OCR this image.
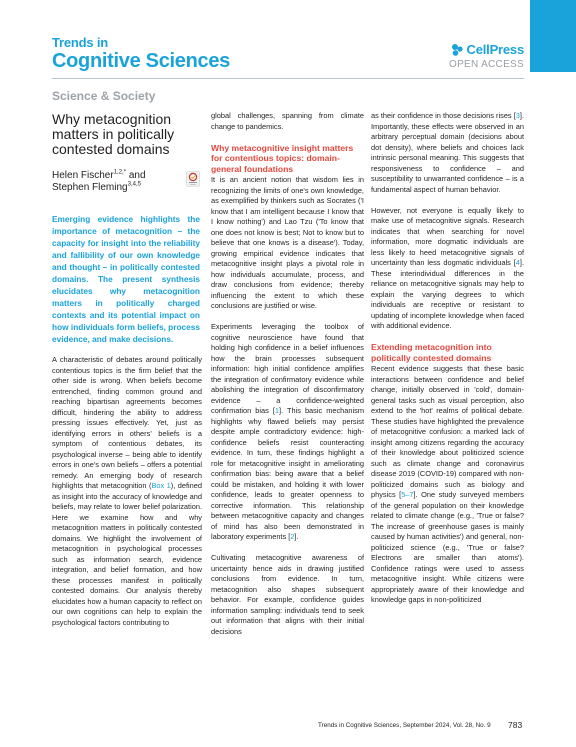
Trends in
Cognitive Sciences
CellPress
OPEN ACCESS
Science & Society
Why metacognition matters in politically contested domains
Helen Fischer$^{1,2,*}$ and
Stephen Fleming$^{3,4,5}$
Emerging evidence highlights the importance of metacognition – the capacity for insight into the reliability and fallibility of our own knowledge and thought – in politically contested domains. The present synthesis elucidates why metacognition matters in politically charged contexts and its potential impact on how individuals form beliefs, process evidence, and make decisions.

A characteristic of debates around politically contentious topics is the firm belief that the other side is wrong. When beliefs become entrenched, finding common ground and reaching bipartisan agreements becomes difficult, hindering the ability to address pressing issues effectively. Yet, just as identifying errors in others' beliefs is a symptom of contentious debates, its psychological inverse – being able to identify errors in one's own beliefs – offers a potential remedy. An emerging body of research highlights that metacognition (Box 1), defined as insight into the accuracy of knowledge and beliefs, may relate to lower belief polarization. Here we examine how and why metacognition matters in politically contested domains. We highlight the involvement of metacognition in psychological processes such as information search, evidence integration, and belief formation, and how these processes manifest in politically contested domains. Our analysis thereby elucidates how a human capacity to reflect on our own cognitions can help to explain the psychological factors contributing to

global challenges, spanning from climate change to pandemics.

Why metacognitive insight matters for contentious topics: domain-general foundations

It is an ancient notion that wisdom lies in recognizing the limits of one's own knowledge, as exemplified by thinkers such as Socrates ('I know that I am intelligent because I know that I know nothing') and Lao Tzu ('To know that one does not know is best; Not to know but to believe that one knows is a disease'). Today, growing empirical evidence indicates that metacognitive insight plays a pivotal role in how individuals accumulate, process, and draw conclusions from evidence; thereby influencing the extent to which these conclusions are justified or wise.

Experiments leveraging the toolbox of cognitive neuroscience have found that holding high confidence in a belief influences how the brain processes subsequent information: high initial confidence amplifies the integration of confirmatory evidence while abolishing the integration of disconfirmatory evidence – a confidence-weighted confirmation bias [1]. This basic mechanism highlights why flawed beliefs may persist despite ample contradictory evidence: high-confidence beliefs resist counteracting evidence. In turn, these findings highlight a role for metacognitive insight in ameliorating confirmation bias: being aware that a belief could be mistaken, and holding it with lower confidence, leads to greater openness to corrective information. This relationship between metacognitive capacity and changes of mind has also been demonstrated in laboratory experiments [2].

Cultivating metacognitive awareness of uncertainty hence aids in drawing justified conclusions from evidence. In turn, metacognition also shapes subsequent behavior. For example, confidence guides information sampling: individuals tend to seek out information that aligns with their initial decisions

as their confidence in those decisions rises [3]. Importantly, these effects were observed in an arbitrary perceptual domain (decisions about dot density), where beliefs and choices lack intrinsic personal meaning. This suggests that responsiveness to confidence – and susceptibility to unwarranted confidence – is a fundamental aspect of human behavior.

However, not everyone is equally likely to make use of metacognitive signals. Research indicates that when searching for novel information, more dogmatic individuals are less likely to heed metacognitive signals of uncertainty than less dogmatic individuals [4]. These interindividual differences in the reliance on metacognitive signals may help to explain the varying degrees to which individuals are receptive or resistant to updating of incomplete knowledge when faced with additional evidence.

Extending metacognition into politically contested domains

Recent evidence suggests that these basic interactions between confidence and belief change, initially observed in 'cold', domain-general tasks such as visual perception, also extend to the 'hot' realms of political debate. These studies have highlighted the prevalence of metacognitive confusion: a marked lack of insight among citizens regarding the accuracy of their knowledge about politicized science such as climate change and coronavirus disease 2019 (COVID-19) compared with non-politicized domains such as biology and physics [5–7]. One study surveyed members of the general population on their knowledge related to climate change (e.g., 'True or false? The increase of greenhouse gases is mainly caused by human activities') and general, non-politicized science (e.g., 'True or false? Electrons are smaller than atoms'). Confidence ratings were used to assess metacognitive insight. While citizens were appropriately aware of their knowledge and knowledge gaps in non-politicized

Trends in Cognitive Sciences, September 2024, Vol. 28, No. 9 783
